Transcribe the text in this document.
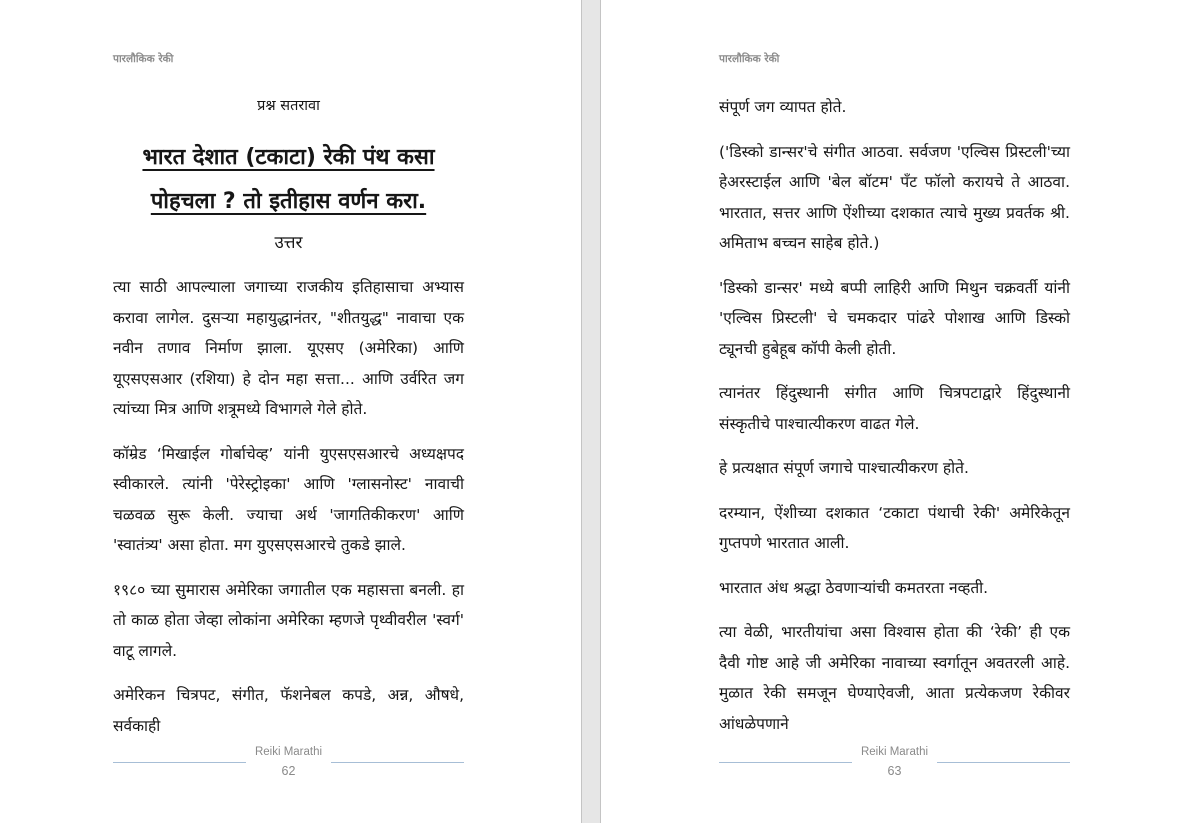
पारलौकिक रेकी
प्रश्न सतरावा
भारत देशात (टकाटा) रेकी पंथ कसा
पोहचला ? तो इतीहास वर्णन करा.
उत्तर

त्या साठी आपल्याला जगाच्या राजकीय इतिहासाचा अभ्यास करावा लागेल. दुसऱ्या महायुद्धानंतर, "शीतयुद्ध" नावाचा एक नवीन तणाव निर्माण झाला. यूएसए (अमेरिका) आणि यूएसएसआर (रशिया) हे दोन महा सत्ता... आणि उर्वरित जग त्यांच्या मित्र आणि शत्रूमध्ये विभागले गेले होते.

कॉम्रेड ‘मिखाईल गोर्बाचेव्ह’ यांनी युएसएसआरचे अध्यक्षपद स्वीकारले. त्यांनी 'पेरेस्ट्रोइका' आणि 'ग्लासनोस्ट' नावाची चळवळ सुरू केली. ज्याचा अर्थ 'जागतिकीकरण' आणि 'स्वातंत्र्य' असा होता. मग युएसएसआरचे तुकडे झाले.

१९८० च्या सुमारास अमेरिका जगातील एक महासत्ता बनली. हा तो काळ होता जेव्हा लोकांना अमेरिका म्हणजे पृथ्वीवरील 'स्वर्ग' वाटू लागले.

अमेरिकन चित्रपट, संगीत, फॅशनेबल कपडे, अन्न, औषधे, सर्वकाही

Reiki Marathi
62
पारलौकिक रेकी

संपूर्ण जग व्यापत होते.

('डिस्को डान्सर'चे संगीत आठवा. सर्वजण 'एल्विस प्रिस्टली'च्या हेअरस्टाईल आणि 'बेल बॉटम' पँट फॉलो करायचे ते आठवा. भारतात, सत्तर आणि ऐंशीच्या दशकात त्याचे मुख्य प्रवर्तक श्री. अमिताभ बच्चन साहेब होते.)

'डिस्को डान्सर' मध्ये बप्पी लाहिरी आणि मिथुन चक्रवर्ती यांनी 'एल्विस प्रिस्टली' चे चमकदार पांढरे पोशाख आणि डिस्को ट्यूनची हुबेहूब कॉपी केली होती.

त्यानंतर हिंदुस्थानी संगीत आणि चित्रपटाद्वारे हिंदुस्थानी संस्कृतीचे पाश्चात्यीकरण वाढत गेले.

हे प्रत्यक्षात संपूर्ण जगाचे पाश्चात्यीकरण होते.

दरम्यान, ऐंशीच्या दशकात ‘टकाटा पंथाची रेकी' अमेरिकेतून गुप्तपणे भारतात आली.

भारतात अंध श्रद्धा ठेवणाऱ्यांची कमतरता नव्हती.

त्या वेळी, भारतीयांचा असा विश्वास होता की ‘रेकी’ ही एक दैवी गोष्ट आहे जी अमेरिका नावाच्या स्वर्गातून अवतरली आहे. मुळात रेकी समजून घेण्याऐवजी, आता प्रत्येकजण रेकीवर आंधळेपणाने

Reiki Marathi
63
